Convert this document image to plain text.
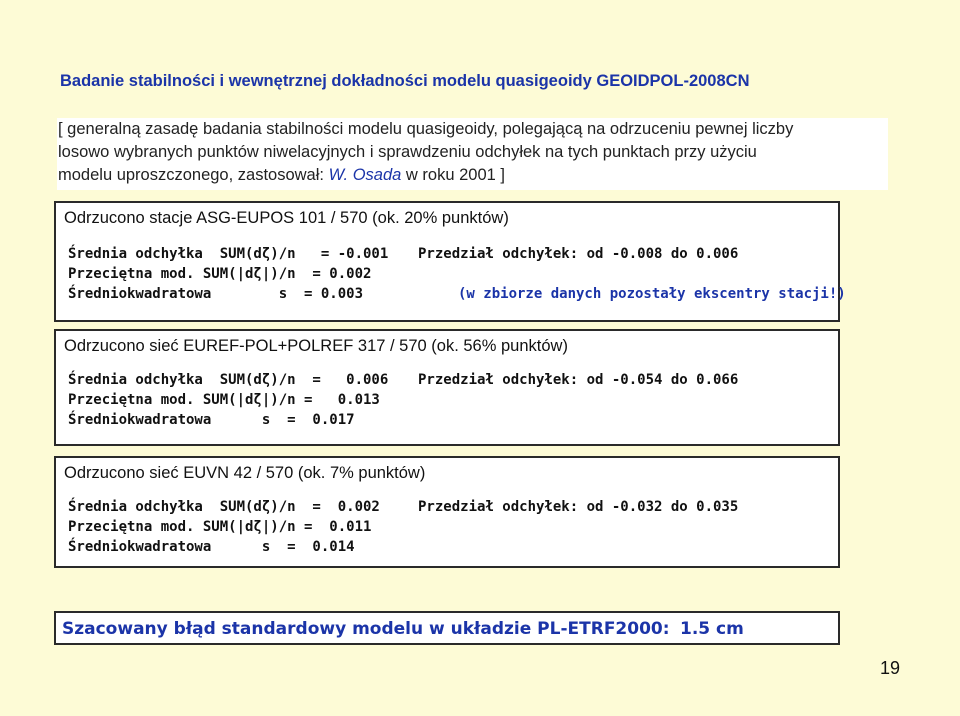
Badanie stabilności i wewnętrznej dokładności modelu quasigeoidy GEOIDPOL-2008CN
[ generalną zasadę badania stabilności modelu quasigeoidy, polegającą na odrzuceniu pewnej liczby
losowo wybranych punktów niwelacyjnych i sprawdzeniu odchyłek na tych punktach przy użyciu
modelu uproszczonego, zastosował: W. Osada w roku 2001 ]
Odrzucono stacje ASG-EUPOS 101 / 570 (ok. 20% punktów)
Średnia odchyłka  SUM(dζ)/n   = -0.001 Przedział odchyłek: od -0.008 do 0.006
Przeciętna mod. SUM(|dζ|)/n  = 0.002
Średniokwadratowa        s  = 0.003	(w zbiorze danych pozostały ekscentry stacji!)
Odrzucono sieć EUREF-POL+POLREF 317 / 570 (ok. 56% punktów)
Średnia odchyłka  SUM(dζ)/n  =   0.006 Przedział odchyłek: od -0.054 do 0.066
Przeciętna mod. SUM(|dζ|)/n =   0.013
Średniokwadratowa      s  =  0.017
Odrzucono sieć EUVN 42 / 570 (ok. 7% punktów)
Średnia odchyłka  SUM(dζ)/n  =  0.002	Przedział odchyłek: od -0.032 do 0.035
Przeciętna mod. SUM(|dζ|)/n =  0.011
Średniokwadratowa      s  =  0.014
Szacowany błąd standardowy modelu w układzie PL-ETRF2000: 1.5 cm
19
